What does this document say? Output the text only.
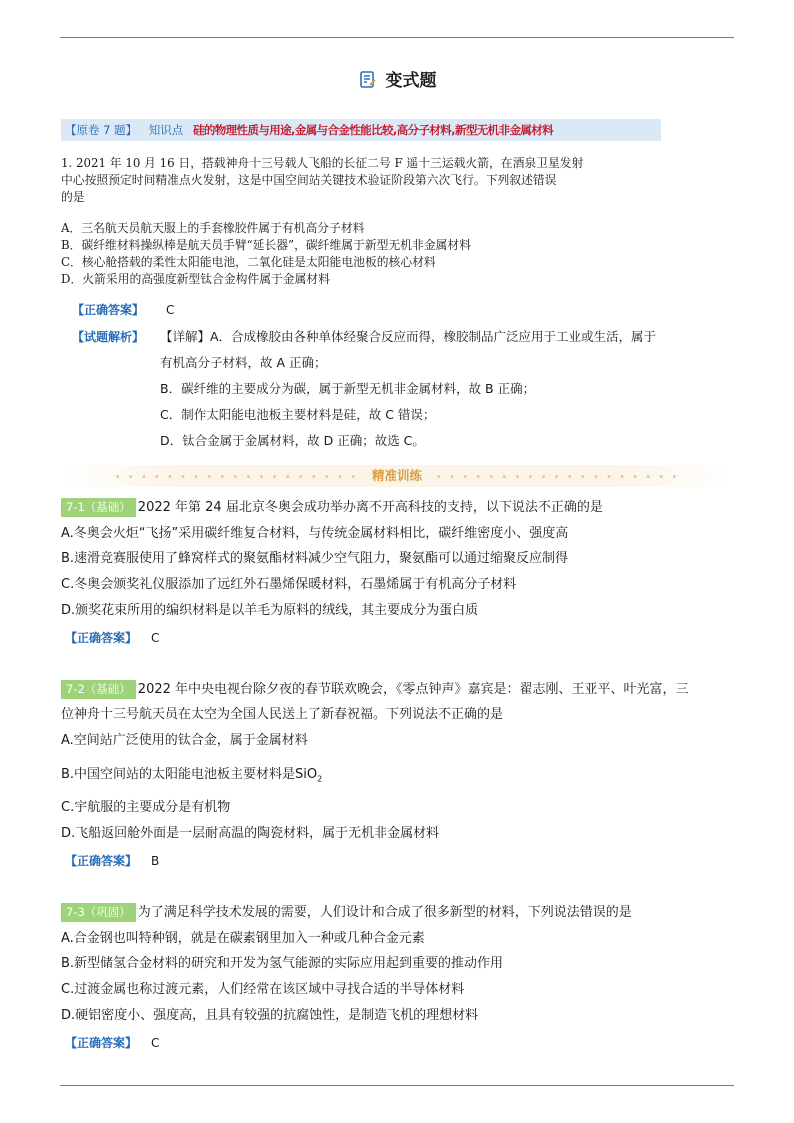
变式题
【原卷 7 题】 知识点 硅的物理性质与用途,金属与合金性能比较,高分子材料,新型无机非金属材料
1. 2021 年 10 月 16 日，搭载神舟十三号载人飞船的长征二号 F 遥十三运载火箭，在酒泉卫星发射
中心按照预定时间精准点火发射，这是中国空间站关键技术验证阶段第六次飞行。下列叙述错误
的是
A．三名航天员航天服上的手套橡胶件属于有机高分子材料
B．碳纤维材料操纵棒是航天员手臂“延长器”，碳纤维属于新型无机非金属材料
C．核心舱搭载的柔性太阳能电池，二氧化硅是太阳能电池板的核心材料
D．火箭采用的高强度新型钛合金构件属于金属材料
【正确答案】 C
【试题解析】 【详解】A．合成橡胶由各种单体经聚合反应而得，橡胶制品广泛应用于工业或生活，属于
有机高分子材料，故 A 正确；
B．碳纤维的主要成分为碳，属于新型无机非金属材料，故 B 正确；
C．制作太阳能电池板主要材料是硅，故 C 错误；
D．钛合金属于金属材料，故 D 正确；故选 C。
• • • • • • • • • • • • • • • • • • • 精准训练 • • • • • • • • • • • • • • • • • • •
7-1（基础） 2022 年第 24 届北京冬奥会成功举办离不开高科技的支持，以下说法不正确的是
A.冬奥会火炬“飞扬”采用碳纤维复合材料，与传统金属材料相比，碳纤维密度小、强度高
B.速滑竞赛服使用了蜂窝样式的聚氨酯材料减少空气阻力，聚氨酯可以通过缩聚反应制得
C.冬奥会颁奖礼仪服添加了远红外石墨烯保暖材料，石墨烯属于有机高分子材料
D.颁奖花束所用的编织材料是以羊毛为原料的绒线，其主要成分为蛋白质
【正确答案】 C
7-2（基础） 2022 年中央电视台除夕夜的春节联欢晚会，《零点钟声》嘉宾是：翟志刚、王亚平、叶光富，三
位神舟十三号航天员在太空为全国人民送上了新春祝福。下列说法不正确的是
A.空间站广泛使用的钛合金，属于金属材料
B.中国空间站的太阳能电池板主要材料是SiO$_2$
C.宇航服的主要成分是有机物
D.飞船返回舱外面是一层耐高温的陶瓷材料，属于无机非金属材料
【正确答案】 B
7-3（巩固） 为了满足科学技术发展的需要，人们设计和合成了很多新型的材料，下列说法错误的是
A.合金钢也叫特种钢，就是在碳素钢里加入一种或几种合金元素
B.新型储氢合金材料的研究和开发为氢气能源的实际应用起到重要的推动作用
C.过渡金属也称过渡元素，人们经常在该区域中寻找合适的半导体材料
D.硬铝密度小、强度高，且具有较强的抗腐蚀性，是制造飞机的理想材料
【正确答案】 C
